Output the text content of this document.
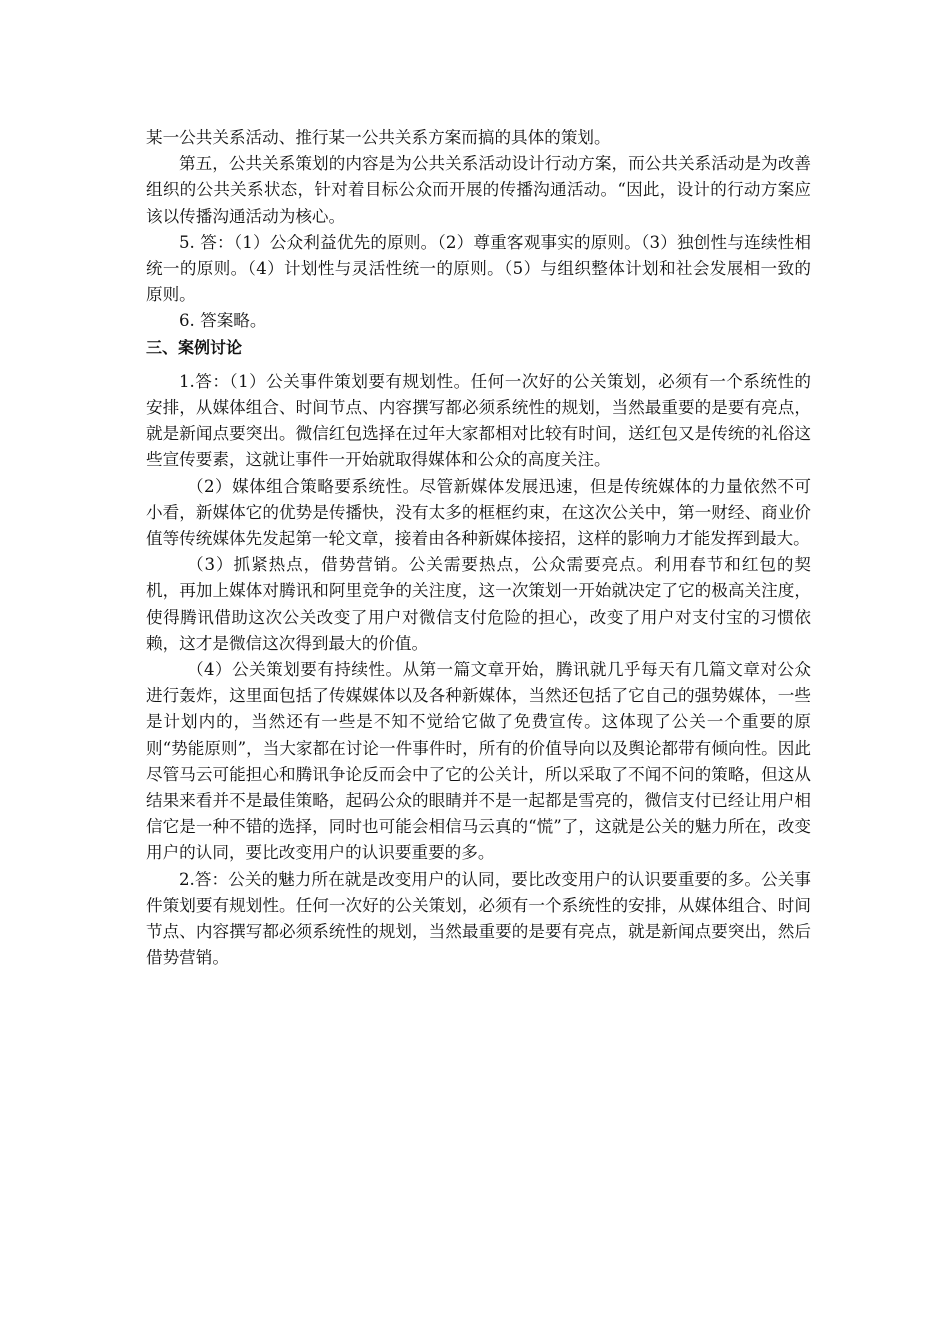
某一公共关系活动、推行某一公共关系方案而搞的具体的策划。

第五，公共关系策划的内容是为公共关系活动设计行动方案，而公共关系活动是为改善组织的公共关系状态，针对着目标公众而开展的传播沟通活动。“因此，设计的行动方案应该以传播沟通活动为核心。

5. 答：（1）公众利益优先的原则。（2）尊重客观事实的原则。（3）独创性与连续性相统一的原则。（4）计划性与灵活性统一的原则。（5）与组织整体计划和社会发展相一致的原则。

6. 答案略。

三、案例讨论

1.答：（1）公关事件策划要有规划性。任何一次好的公关策划，必须有一个系统性的安排，从媒体组合、时间节点、内容撰写都必须系统性的规划，当然最重要的是要有亮点，就是新闻点要突出。微信红包选择在过年大家都相对比较有时间，送红包又是传统的礼俗这些宣传要素，这就让事件一开始就取得媒体和公众的高度关注。

（2）媒体组合策略要系统性。尽管新媒体发展迅速，但是传统媒体的力量依然不可小看，新媒体它的优势是传播快，没有太多的框框约束，在这次公关中，第一财经、商业价值等传统媒体先发起第一轮文章，接着由各种新媒体接招，这样的影响力才能发挥到最大。

（3）抓紧热点，借势营销。公关需要热点，公众需要亮点。利用春节和红包的契机，再加上媒体对腾讯和阿里竞争的关注度，这一次策划一开始就决定了它的极高关注度，使得腾讯借助这次公关改变了用户对微信支付危险的担心，改变了用户对支付宝的习惯依赖，这才是微信这次得到最大的价值。

（4）公关策划要有持续性。从第一篇文章开始，腾讯就几乎每天有几篇文章对公众进行轰炸，这里面包括了传媒媒体以及各种新媒体，当然还包括了它自己的强势媒体，一些是计划内的，当然还有一些是不知不觉给它做了免费宣传。这体现了公关一个重要的原则“势能原则”，当大家都在讨论一件事件时，所有的价值导向以及舆论都带有倾向性。因此尽管马云可能担心和腾讯争论反而会中了它的公关计，所以采取了不闻不问的策略，但这从结果来看并不是最佳策略，起码公众的眼睛并不是一起都是雪亮的，微信支付已经让用户相信它是一种不错的选择，同时也可能会相信马云真的“慌”了，这就是公关的魅力所在，改变用户的认同，要比改变用户的认识要重要的多。

2.答：公关的魅力所在就是改变用户的认同，要比改变用户的认识要重要的多。公关事件策划要有规划性。任何一次好的公关策划，必须有一个系统性的安排，从媒体组合、时间节点、内容撰写都必须系统性的规划，当然最重要的是要有亮点，就是新闻点要突出，然后借势营销。
